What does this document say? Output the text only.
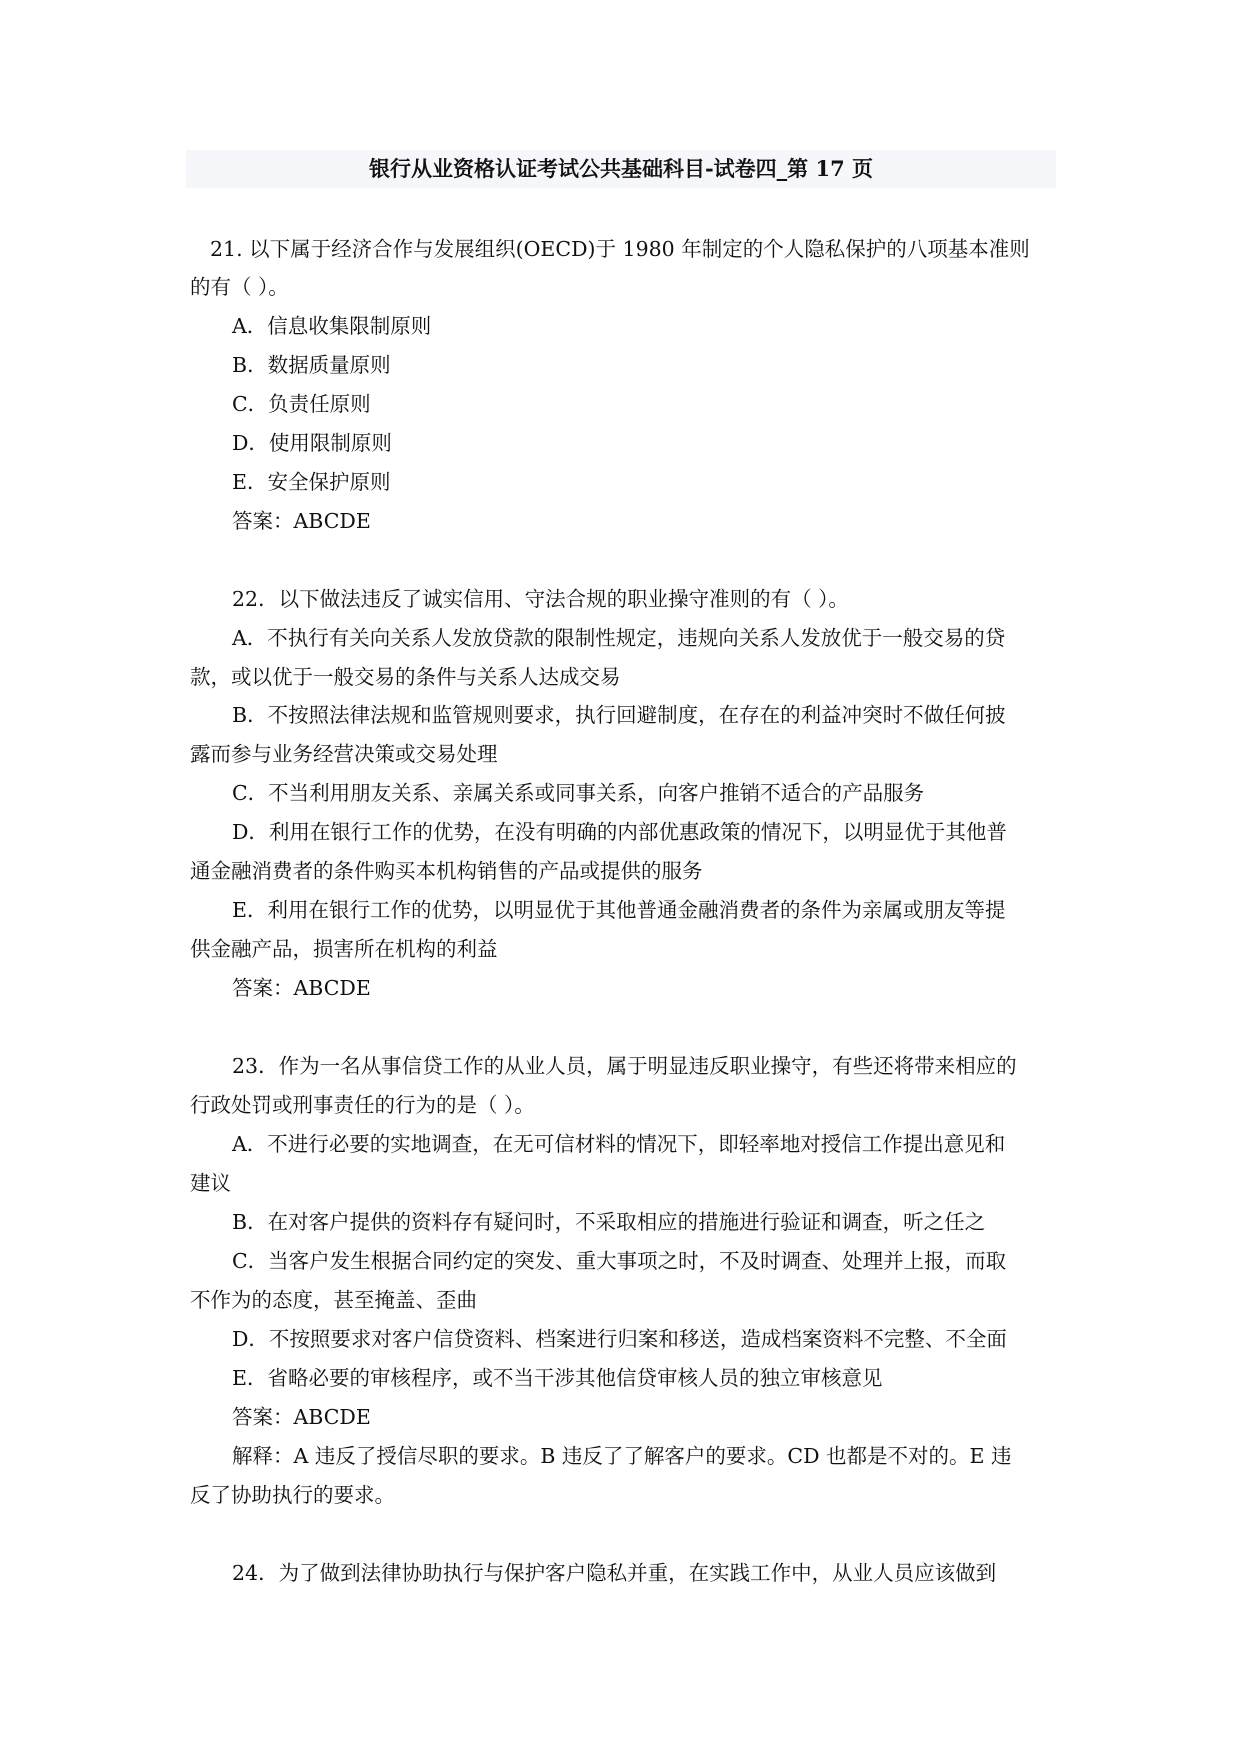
银行从业资格认证考试公共基础科目-试卷四_第 17 页
21. 以下属于经济合作与发展组织(OECD)于 1980 年制定的个人隐私保护的八项基本准则
的有（ ）。
A．信息收集限制原则
B．数据质量原则
C．负责任原则
D．使用限制原则
E．安全保护原则
答案：ABCDE
22．以下做法违反了诚实信用、守法合规的职业操守准则的有（ ）。
A．不执行有关向关系人发放贷款的限制性规定，违规向关系人发放优于一般交易的贷
款，或以优于一般交易的条件与关系人达成交易
B．不按照法律法规和监管规则要求，执行回避制度，在存在的利益冲突时不做任何披
露而参与业务经营决策或交易处理
C．不当利用朋友关系、亲属关系或同事关系，向客户推销不适合的产品服务
D．利用在银行工作的优势，在没有明确的内部优惠政策的情况下，以明显优于其他普
通金融消费者的条件购买本机构销售的产品或提供的服务
E．利用在银行工作的优势，以明显优于其他普通金融消费者的条件为亲属或朋友等提
供金融产品，损害所在机构的利益
答案：ABCDE
23．作为一名从事信贷工作的从业人员，属于明显违反职业操守，有些还将带来相应的
行政处罚或刑事责任的行为的是（ ）。
A．不进行必要的实地调查，在无可信材料的情况下，即轻率地对授信工作提出意见和
建议
B．在对客户提供的资料存有疑问时，不采取相应的措施进行验证和调查，听之任之
C．当客户发生根据合同约定的突发、重大事项之时，不及时调查、处理并上报，而取
不作为的态度，甚至掩盖、歪曲
D．不按照要求对客户信贷资料、档案进行归案和移送，造成档案资料不完整、不全面
E．省略必要的审核程序，或不当干涉其他信贷审核人员的独立审核意见
答案：ABCDE
解释：A 违反了授信尽职的要求。B 违反了了解客户的要求。CD 也都是不对的。E 违
反了协助执行的要求。
24．为了做到法律协助执行与保护客户隐私并重，在实践工作中，从业人员应该做到
